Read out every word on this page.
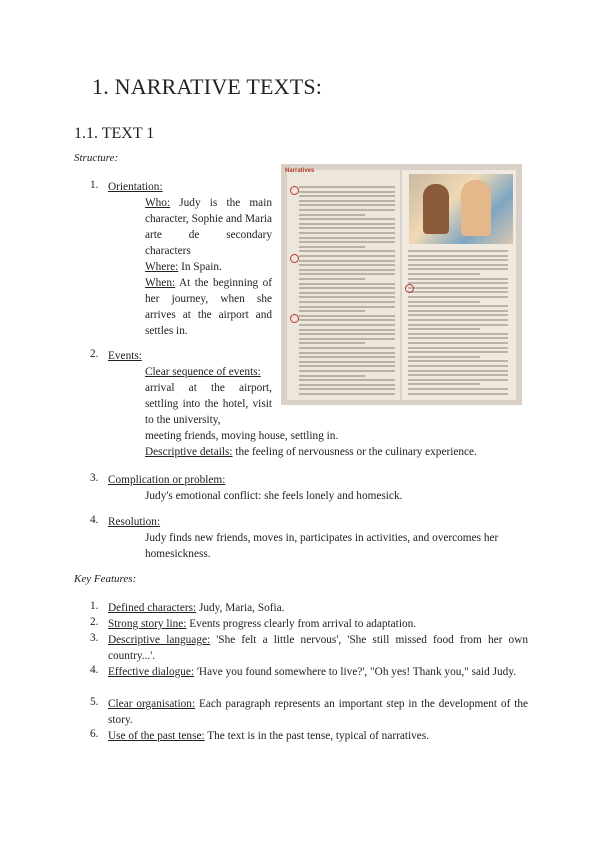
1. NARRATIVE TEXTS:
1.1. TEXT 1
Structure:
Narratives
1. Orientation:
Who: Judy is the main character, Sophie and Maria arte de secondary characters
Where: In Spain.
When: At the beginning of her journey, when she arrives at the airport and settles in.
2. Events:
Clear sequence of events:
arrival at the airport, settling into the hotel, visit to the university,
meeting friends, moving house, settling in.
Descriptive details: the feeling of nervousness or the culinary experience.
3. Complication or problem:
Judy's emotional conflict: she feels lonely and homesick.
4. Resolution:
Judy finds new friends, moves in, participates in activities, and overcomes her homesickness.
Key Features:
1. Defined characters: Judy, Maria, Sofia.
2. Strong story line: Events progress clearly from arrival to adaptation.
3. Descriptive language: 'She felt a little nervous', 'She still missed food from her own country...'.
4. Effective dialogue: 'Have you found somewhere to live?', "Oh yes! Thank you," said Judy.
5. Clear organisation: Each paragraph represents an important step in the development of the story.
6. Use of the past tense: The text is in the past tense, typical of narratives.
